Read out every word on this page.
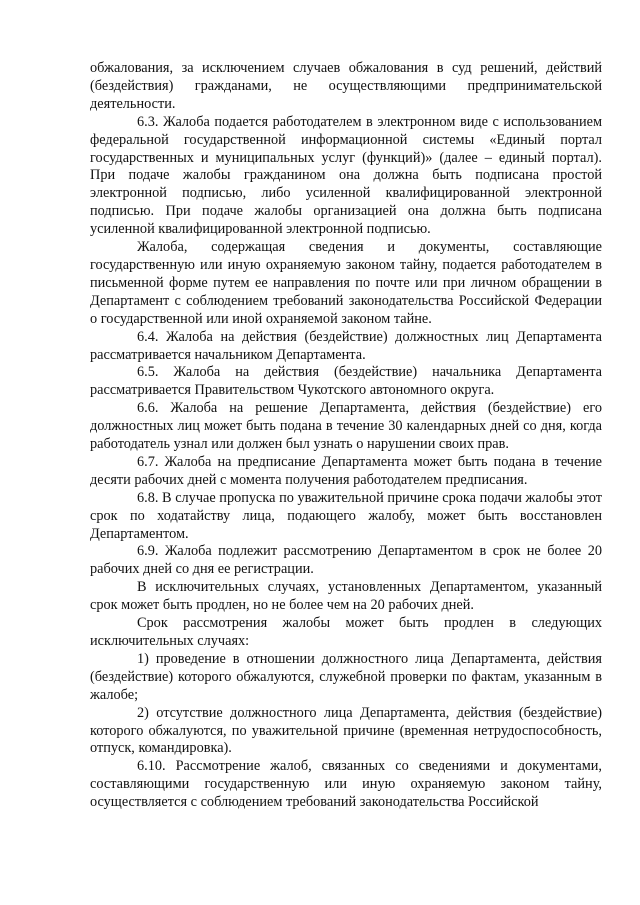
обжалования, за исключением случаев обжалования в суд решений, действий (бездействия) гражданами, не осуществляющими предпринимательской деятельности.

6.3. Жалоба подается работодателем в электронном виде с использованием федеральной государственной информационной системы «Единый портал государственных и муниципальных услуг (функций)» (далее – единый портал). При подаче жалобы гражданином она должна быть подписана простой электронной подписью, либо усиленной квалифицированной электронной подписью. При подаче жалобы организацией она должна быть подписана усиленной квалифицированной электронной подписью.

Жалоба, содержащая сведения и документы, составляющие государственную или иную охраняемую законом тайну, подается работодателем в письменной форме путем ее направления по почте или при личном обращении в Департамент с соблюдением требований законодательства Российской Федерации о государственной или иной охраняемой законом тайне.

6.4. Жалоба на действия (бездействие) должностных лиц Департамента рассматривается начальником Департамента.

6.5. Жалоба на действия (бездействие) начальника Департамента рассматривается Правительством Чукотского автономного округа.

6.6. Жалоба на решение Департамента, действия (бездействие) его должностных лиц может быть подана в течение 30 календарных дней со дня, когда работодатель узнал или должен был узнать о нарушении своих прав.

6.7. Жалоба на предписание Департамента может быть подана в течение десяти рабочих дней с момента получения работодателем предписания.

6.8. В случае пропуска по уважительной причине срока подачи жалобы этот срок по ходатайству лица, подающего жалобу, может быть восстановлен Департаментом.

6.9. Жалоба подлежит рассмотрению Департаментом в срок не более 20 рабочих дней со дня ее регистрации.

В исключительных случаях, установленных Департаментом, указанный срок может быть продлен, но не более чем на 20 рабочих дней.

Срок рассмотрения жалобы может быть продлен в следующих исключительных случаях:

1) проведение в отношении должностного лица Департамента, действия (бездействие) которого обжалуются, служебной проверки по фактам, указанным в жалобе;

2) отсутствие должностного лица Департамента, действия (бездействие) которого обжалуются, по уважительной причине (временная нетрудоспособность, отпуск, командировка).

6.10. Рассмотрение жалоб, связанных со сведениями и документами, составляющими государственную или иную охраняемую законом тайну, осуществляется с соблюдением требований законодательства Российской
